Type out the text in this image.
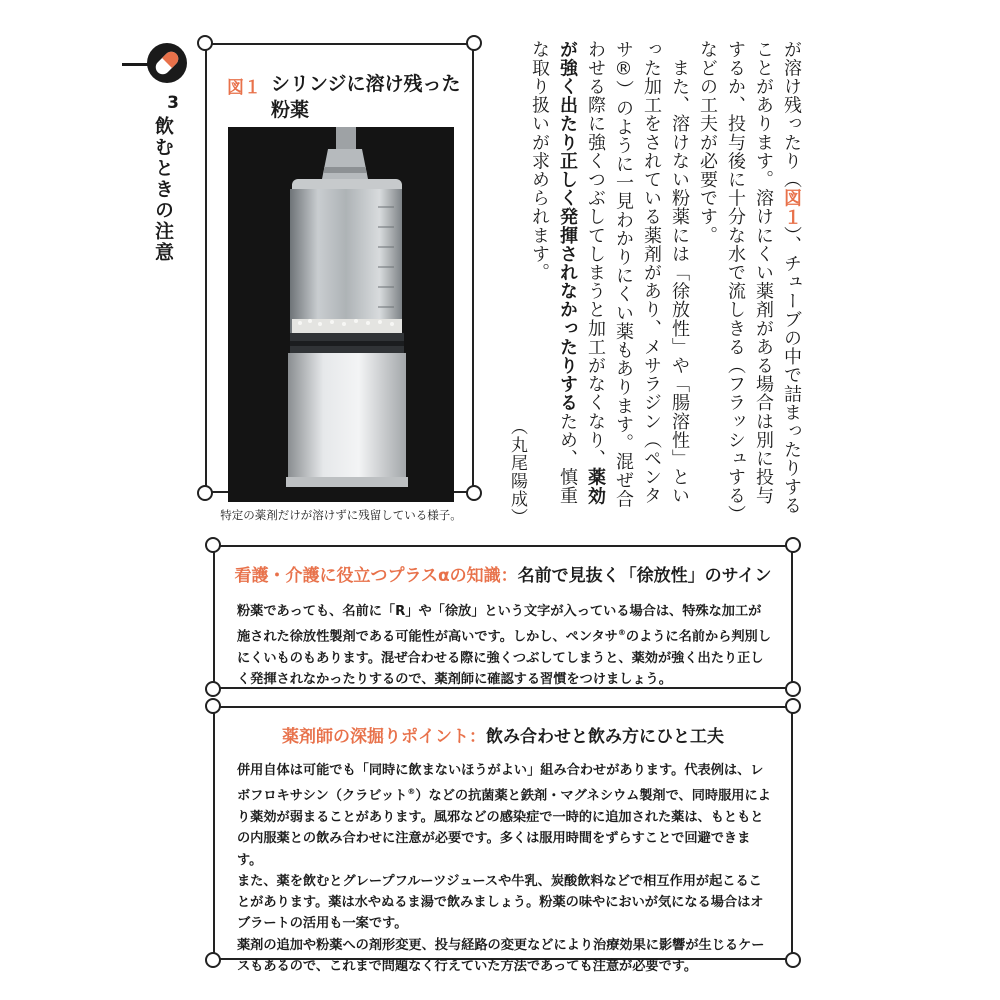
3
飲むときの注意
図１ シリンジに溶け残った粉薬
特定の薬剤だけが溶けずに残留している様子。

が溶け残ったり（図１）、チューブの中で詰まったりすることがあります。溶けにくい薬剤がある場合は別に投与するか、投与後に十分な水で流しきる（フラッシュする）などの工夫が必要です。

　また、溶けない粉薬には「徐放性」や「腸溶性」といった加工をされている薬剤があり、メサラジン（ペンタサ®）のように一見わかりにくい薬もあります。混ぜ合わせる際に強くつぶしてしまうと加工がなくなり、薬効が強く出たり正しく発揮されなかったりするため、慎重な取り扱いが求められます。

（丸尾陽成）
看護・介護に役立つプラスαの知識：名前で見抜く「徐放性」のサイン

粉薬であっても、名前に「R」や「徐放」という文字が入っている場合は、特殊な加工が施された徐放性製剤である可能性が高いです。しかし、ペンタサ®のように名前から判別しにくいものもあります。混ぜ合わせる際に強くつぶしてしまうと、薬効が強く出たり正しく発揮されなかったりするので、薬剤師に確認する習慣をつけましょう。

薬剤師の深掘りポイント：飲み合わせと飲み方にひと工夫

併用自体は可能でも「同時に飲まないほうがよい」組み合わせがあります。代表例は、レボフロキサシン（クラビット®）などの抗菌薬と鉄剤・マグネシウム製剤で、同時服用により薬効が弱まることがあります。風邪などの感染症で一時的に追加された薬は、もともとの内服薬との飲み合わせに注意が必要です。多くは服用時間をずらすことで回避できます。

また、薬を飲むとグレープフルーツジュースや牛乳、炭酸飲料などで相互作用が起こることがあります。薬は水やぬるま湯で飲みましょう。粉薬の味やにおいが気になる場合はオブラートの活用も一案です。

薬剤の追加や粉薬への剤形変更、投与経路の変更などにより治療効果に影響が生じるケースもあるので、これまで問題なく行えていた方法であっても注意が必要です。
